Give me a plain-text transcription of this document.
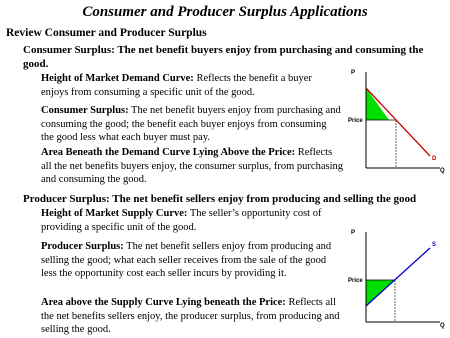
Consumer and Producer Surplus Applications
Review Consumer and Producer Surplus
Consumer Surplus: The net benefit buyers enjoy from purchasing and consuming the good.
Height of Market Demand Curve: Reflects the benefit a buyer enjoys from consuming a specific unit of the good.
Consumer Surplus: The net benefit buyers enjoy from purchasing and consuming the good; the benefit each buyer enjoys from consuming the good less what each buyer must pay.
Area Beneath the Demand Curve Lying Above the Price: Reflects all the net benefits buyers enjoy, the consumer surplus, from purchasing and consuming the good.
P
Price
D
Q
Producer Surplus: The net benefit sellers enjoy from producing and selling the good
Height of Market Supply Curve: The seller’s opportunity cost of providing a specific unit of the good.
Producer Surplus: The net benefit sellers enjoy from producing and selling the good; what each seller receives from the sale of the good less the opportunity cost each seller incurs by providing it.
Area above the Supply Curve Lying beneath the Price: Reflects all the net benefits sellers enjoy, the producer surplus, from producing and selling the good.
P
Price
S
Q
